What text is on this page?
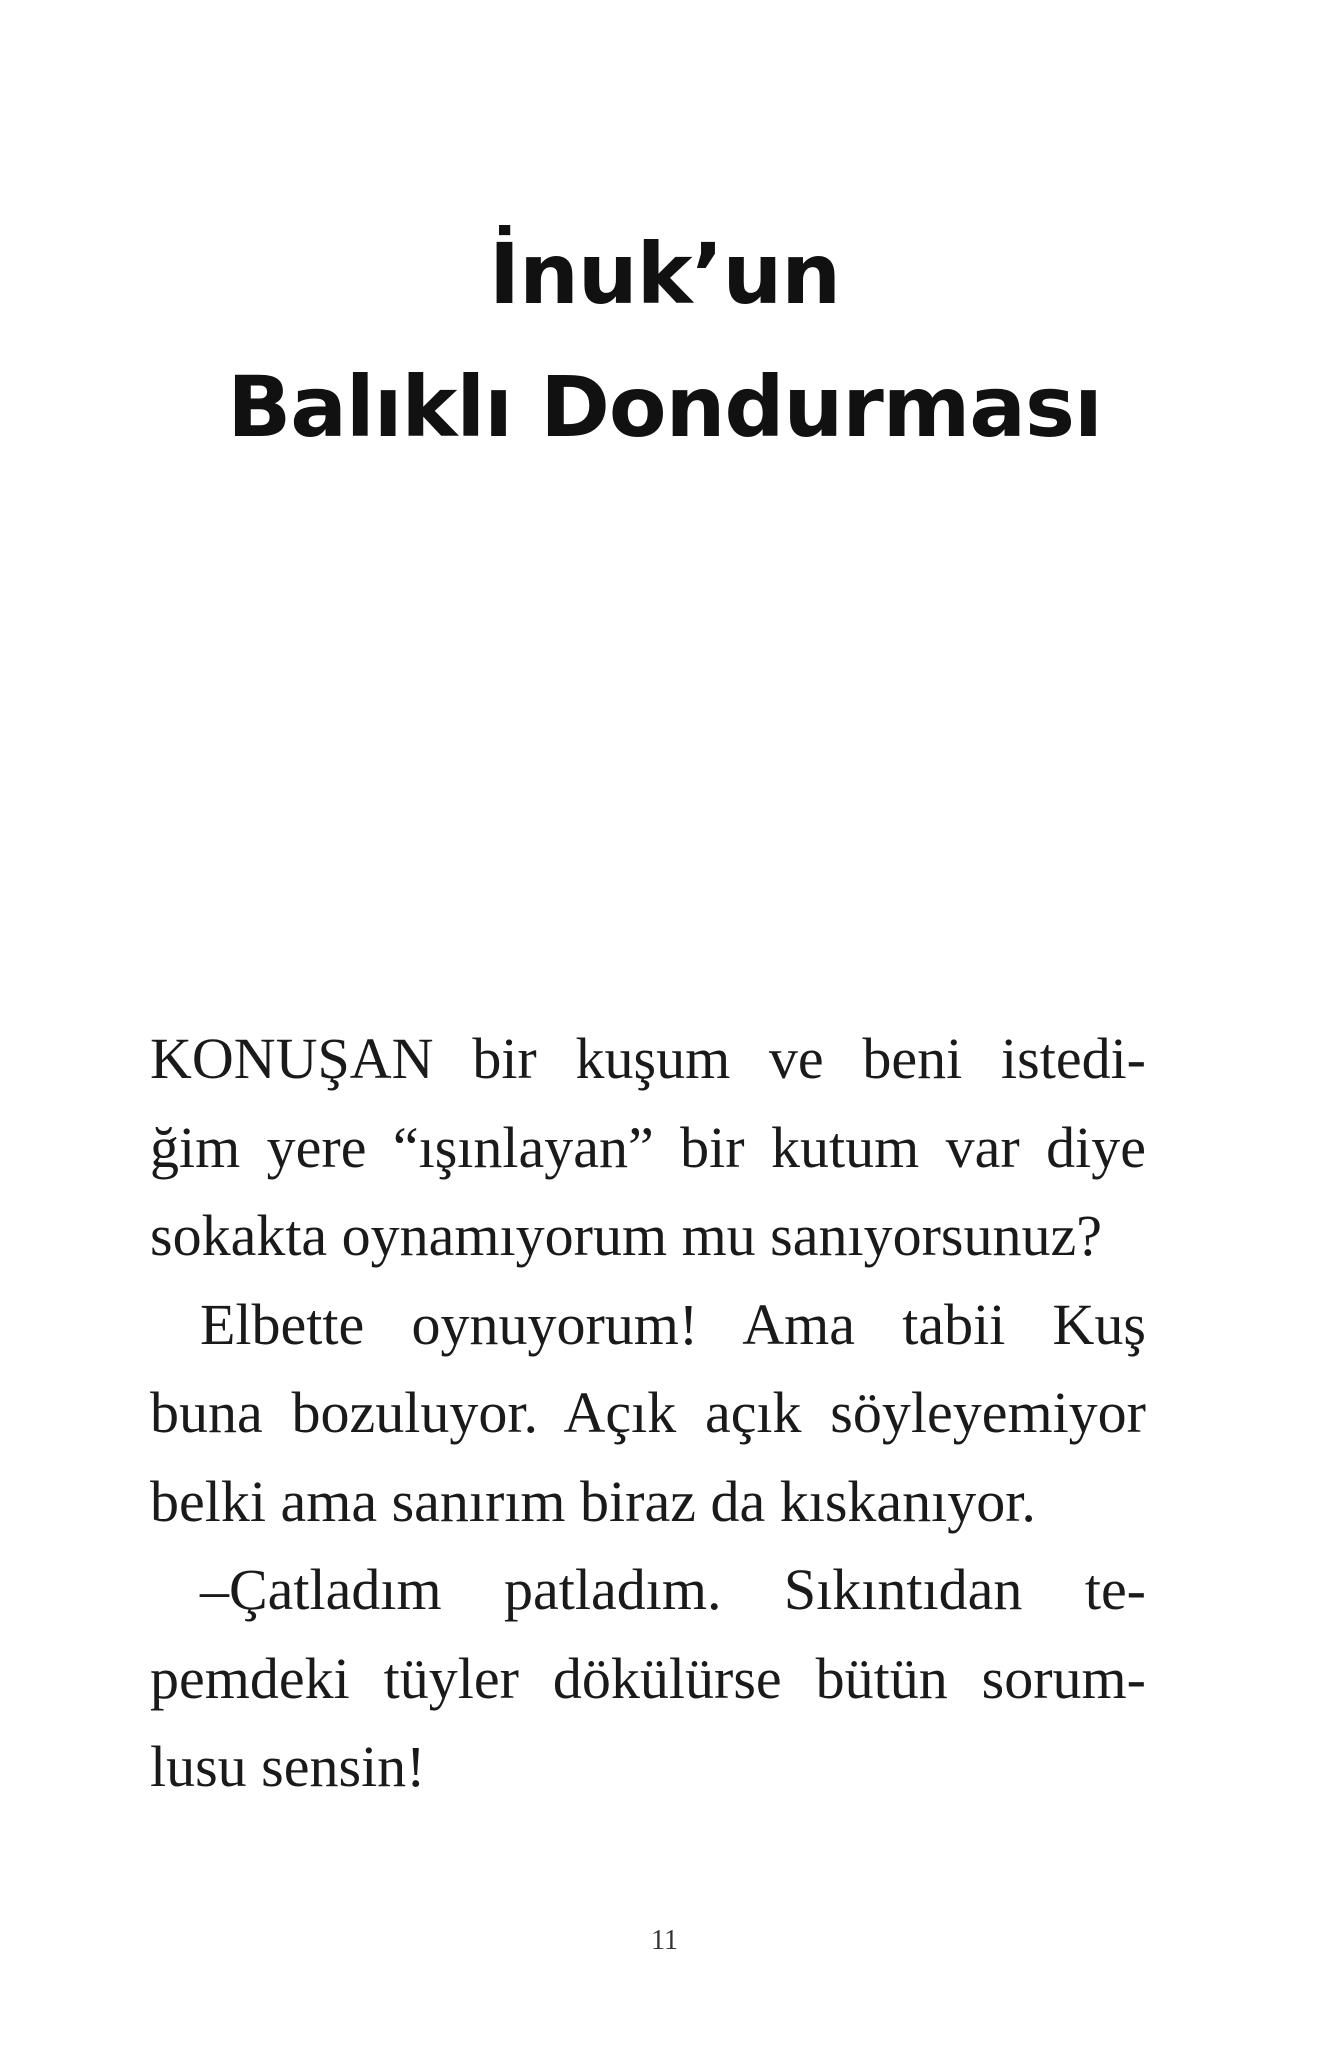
İnuk’un
Balıklı Dondurması
KONUŞAN bir kuşum ve beni istedi-
ğim yere “ışınlayan” bir kutum var diye
sokakta oynamıyorum mu sanıyorsunuz?
Elbette oynuyorum! Ama tabii Kuş
buna bozuluyor. Açık açık söyleyemiyor
belki ama sanırım biraz da kıskanıyor.
–Çatladım patladım. Sıkıntıdan te-
pemdeki tüyler dökülürse bütün sorum-
lusu sensin!
11
